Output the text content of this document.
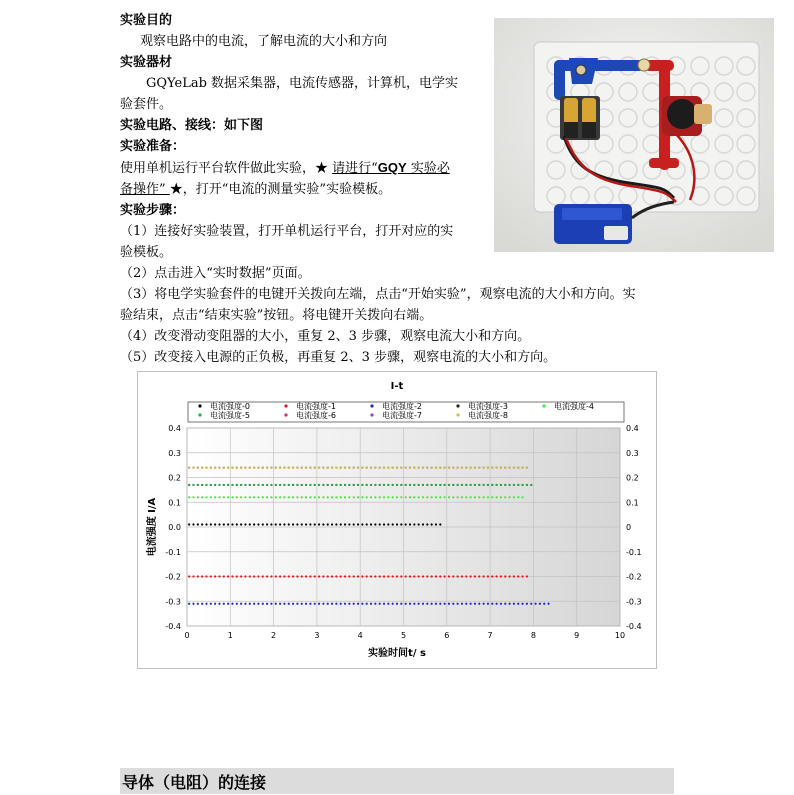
实验目的
观察电路中的电流，了解电流的大小和方向
实验器材
GQYeLab 数据采集器，电流传感器，计算机，电学实
验套件。
实验电路、接线：如下图
实验准备：
使用单机运行平台软件做此实验，★ 请进行“GQY 实验必
备操作” ★，打开“电流的测量实验”实验模板。
实验步骤：
（1）连接好实验装置，打开单机运行平台，打开对应的实
验模板。
（2）点击进入“实时数据”页面。
（3）将电学实验套件的电键开关拨向左端，点击“开始实验”，观察电流的大小和方向。实
验结束，点击“结束实验”按钮。将电键开关拨向右端。
（4）改变滑动变阻器的大小，重复 2、3 步骤，观察电流大小和方向。
（5）改变接入电源的正负极，再重复 2、3 步骤，观察电流的大小和方向。
I-t
电流强度-0	电流强度-1	电流强度-2	电流强度-3	电流强度-4
电流强度-5	电流强度-6	电流强度-7	电流强度-8
0.4
0.3
0.2
0.1
0.0
-0.1
-0.2
-0.3
-0.4
0.4
0.3
0.2
0.1
0
-0.1
-0.2
-0.3
-0.4
0	1	2	3	4	5	6	7	8	9	10
实验时间t/ s
电流强度 I/A
导体（电阻）的连接
